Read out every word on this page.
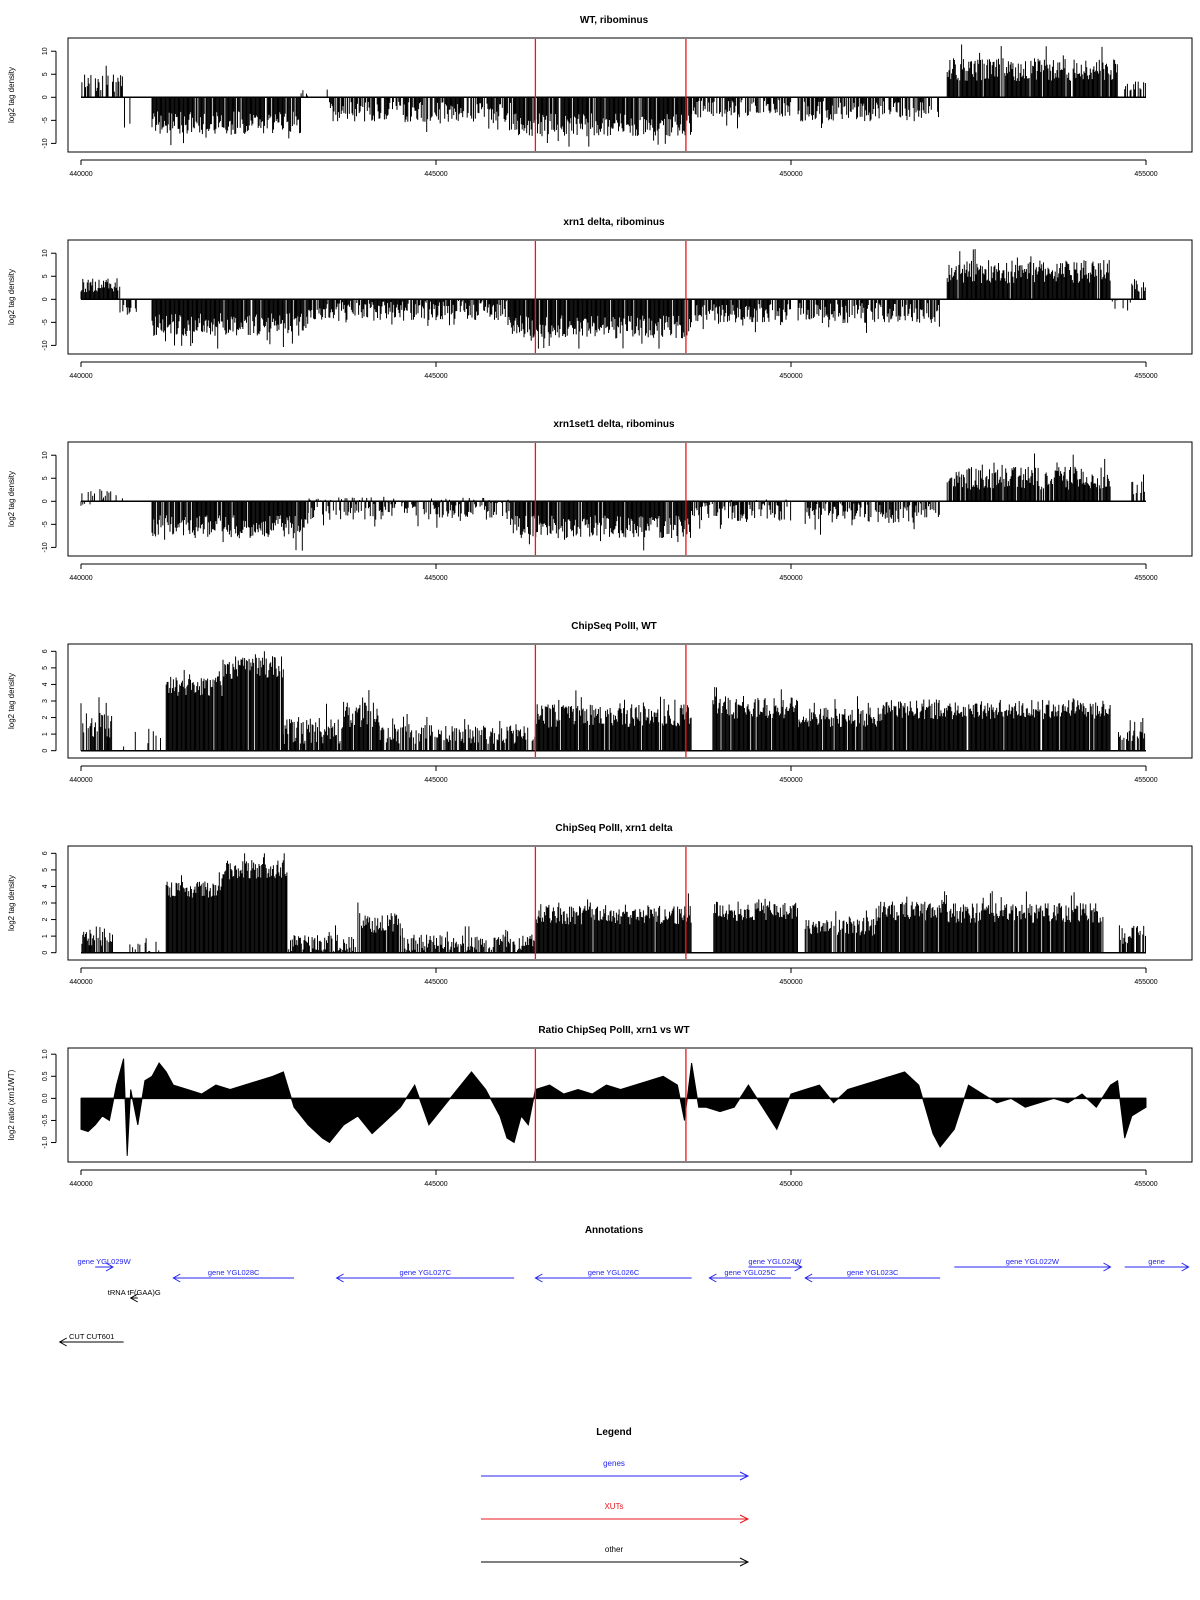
WT, ribominus
440000	445000	450000	455000
-10
-5
0
5
10
log2 tag density
xrn1 delta, ribominus
440000	445000	450000	455000
-10
-5
0
5
10
log2 tag density
xrn1set1 delta, ribominus
440000	445000	450000	455000
-10
-5
0
5
10
log2 tag density
ChipSeq PolII, WT
440000	445000	450000	455000
0
1
2
3
4
5
6
log2 tag density
ChipSeq PolII, xrn1 delta
440000	445000	450000	455000
0
1
2
3
4
5
6
log2 tag density
Ratio ChipSeq PolII, xrn1 vs WT
440000	445000	450000	455000
-1.0
-0.5
0.0
0.5
1.0
log2 ratio (xrn1/WT)
Annotations
gene YGL029W
gene YGL028C	gene YGL027C	gene YGL026C	gene YGL025C
gene YGL024W
gene YGL023C
gene YGL022W	gene
tRNA tF(GAA)G
CUT CUT601
Legend
genes
XUTs
other
